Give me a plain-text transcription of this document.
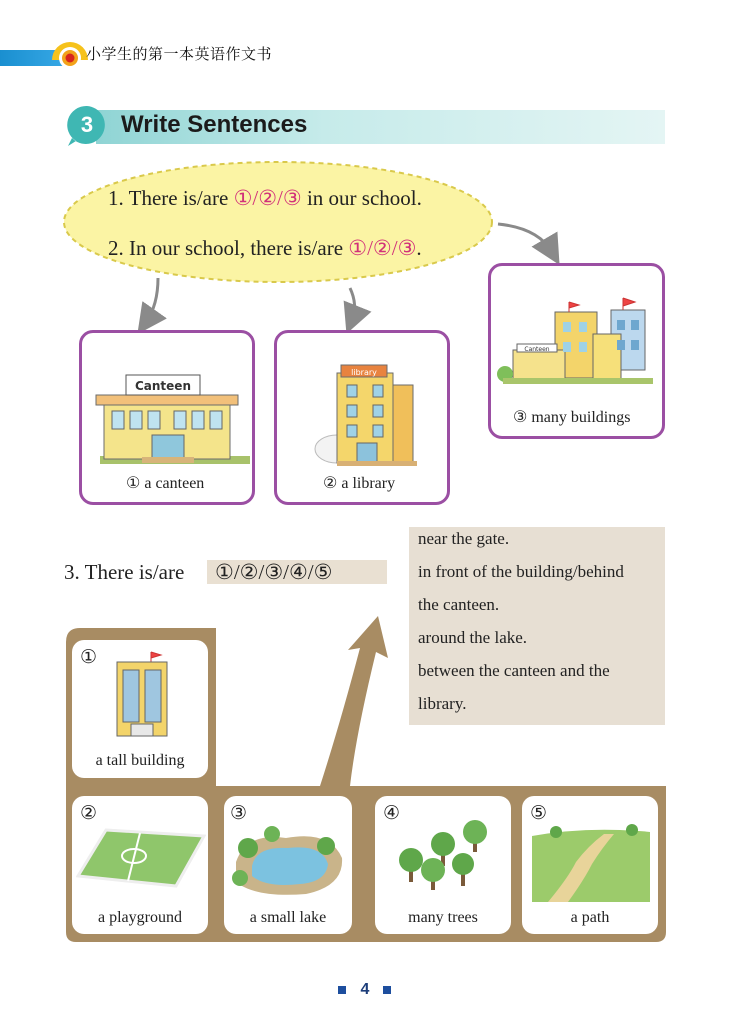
小学生的第一本英语作文书
3	Write Sentences
1. There is/are ①/②/③ in our school.
2. In our school, there is/are ①/②/③.
Canteen
① a canteen
library
② a library
Canteen
③ many buildings
3. There is/are ①/②/③/④/⑤
near the gate.
in front of the building/behind
the canteen.
around the lake.
between the canteen and the
library.
①
a tall building
②
a playground
③
a small lake
④
many trees
⑤
a path
4
